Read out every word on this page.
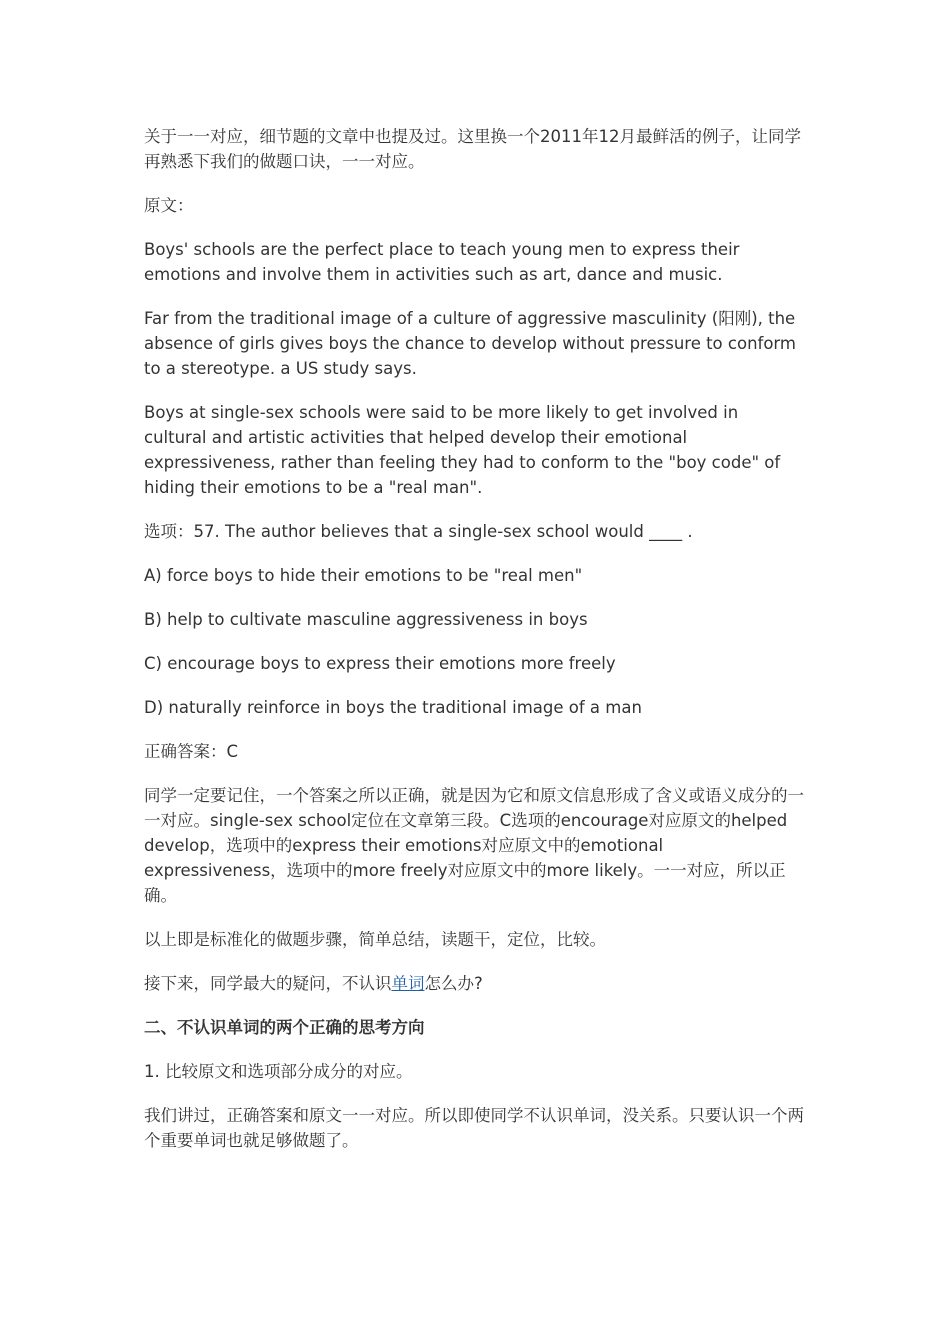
关于一一对应，细节题的文章中也提及过。这里换一个2011年12月最鲜活的例子，让同学再熟悉下我们的做题口诀，一一对应。

原文：

Boys' schools are the perfect place to teach young men to express their emotions and involve them in activities such as art, dance and music.

Far from the traditional image of a culture of aggressive masculinity (阳刚), the absence of girls gives boys the chance to develop without pressure to conform to a stereotype. a US study says.

Boys at single-sex schools were said to be more likely to get involved in cultural and artistic activities that helped develop their emotional expressiveness, rather than feeling they had to conform to the "boy code" of hiding their emotions to be a "real man".

选项：57. The author believes that a single-sex school would ____ .

A) force boys to hide their emotions to be "real men"

B) help to cultivate masculine aggressiveness in boys

C) encourage boys to express their emotions more freely

D) naturally reinforce in boys the traditional image of a man

正确答案：C

同学一定要记住，一个答案之所以正确，就是因为它和原文信息形成了含义或语义成分的一一对应。single-sex school定位在文章第三段。C选项的encourage对应原文的helped develop，选项中的express their emotions对应原文中的emotional expressiveness，选项中的more freely对应原文中的more likely。一一对应，所以正确。

以上即是标准化的做题步骤，简单总结，读题干，定位，比较。

接下来，同学最大的疑问，不认识单词怎么办?

二、不认识单词的两个正确的思考方向

1. 比较原文和选项部分成分的对应。

我们讲过，正确答案和原文一一对应。所以即使同学不认识单词，没关系。只要认识一个两个重要单词也就足够做题了。
